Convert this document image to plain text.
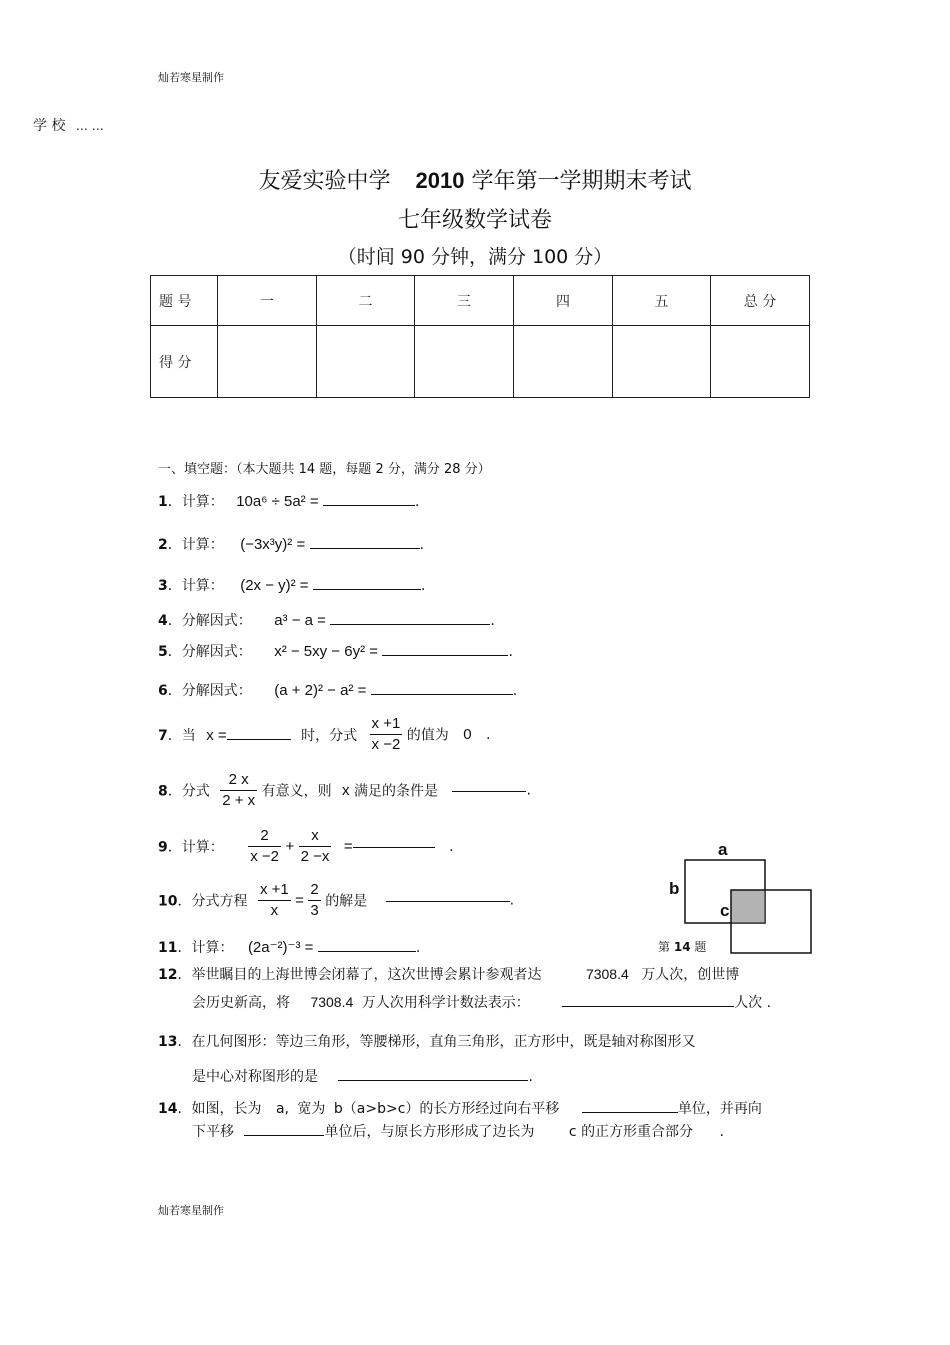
灿若寒星制作
学 校 … …
友爱实验中学 2010 学年第一学期期末考试
七年级数学试卷
（时间 90 分钟，满分 100 分）
题 号	一	二	三	四	五	总 分
得 分						
一、填空题：（本大题共 14 题，每题 2 分，满分 28 分）
1．计算： 10a⁶ ÷ 5a² =	.
2．计算： (−3x³y)² =	.
3．计算： (2x − y)² =	.
4．分解因式： a³ − a =	.
5．分解因式： x² − 5xy − 6y² =	.
6．分解因式： (a + 2)² − a² =	.
7．当 x =	时，分式 $\frac{x +1}{x -2}$ 的值为 0 .
8．分式 $\frac{2 x}{2 + x}$ 有意义，则 x 满足的条件是	.
9．计算： $\frac{2}{x -2} + \frac{x}{2 -x}$ =	.
10．分式方程 $\frac{x +1}{x} = \frac{2}{3}$ 的解是	.
11．计算： (2a⁻²)⁻³ =	.
12．举世瞩目的上海世博会闭幕了，这次世博会累计参观者达	7308.4 万人次，创世博
会历史新高，将 7308.4 万人次用科学计数法表示：	人次 .
13．在几何图形：等边三角形，等腰梯形，直角三角形，正方形中，既是轴对称图形又
是中心对称图形的是	.
14．如图，长为 a, 宽为 b（a>b>c）的长方形经过向右平移	单位，并再向
下平移	单位后，与原长方形形成了边长为 c 的正方形重合部分 .
a
b
c
第 14 题
灿若寒星制作
